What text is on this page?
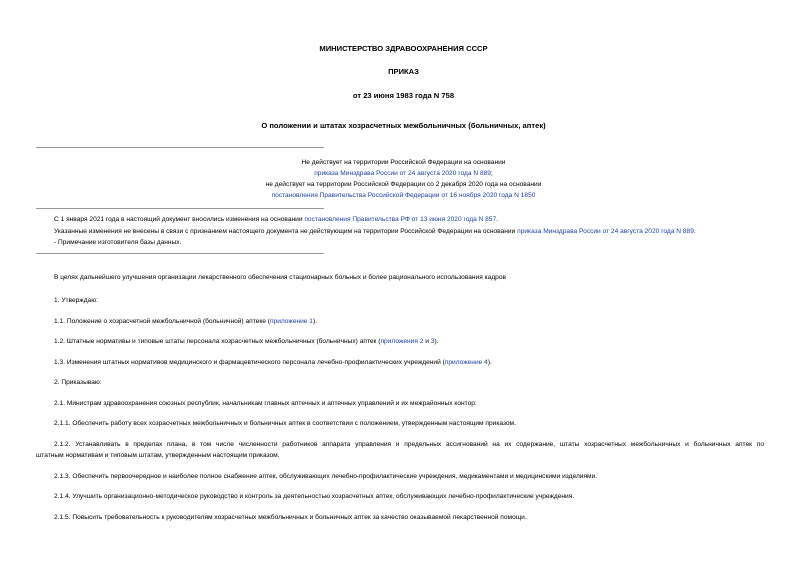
МИНИСТЕРСТВО ЗДРАВООХРАНЕНИЯ СССР
ПРИКАЗ
от 23 июня 1983 года N 758
О положении и штатах хозрасчетных межбольничных (больничных, аптек)
Не действует на территории Российской Федерации на основании
приказа Минздрава России от 24 августа 2020 года N 889;
не действует на территории Российской Федерации со 2 декабря 2020 года на основании
постановления Правительства Российской Федерации от 16 ноября 2020 года N 1850
С 1 января 2021 года в настоящий документ вносились изменения на основании постановления Правительства РФ от 13 июня 2020 года N 857.
Указанные изменения не внесены в связи с признанием настоящего документа не действующим на территории Российской Федерации на основании приказа Минздрава России от 24 августа 2020 года N 889.
- Примечание изготовителя базы данных.
В целях дальнейшего улучшения организации лекарственного обеспечения стационарных больных и более рационального использования кадров
1. Утверждаю:
1.1. Положение о хозрасчетной межбольничной (больничной) аптеке (приложение 1).
1.2. Штатные нормативы и типовые штаты персонала хозрасчетных межбольничных (больничных) аптек (приложения 2 и 3).
1.3. Изменения штатных нормативов медицинского и фармацевтического персонала лечебно-профилактических учреждений (приложение 4).
2. Приказываю:
2.1. Министрам здравоохранения союзных республик, начальникам главных аптечных и аптечных управлений и их межрайонных контор:
2.1.1. Обеспечить работу всех хозрасчетных межбольничных и больничных аптек в соответствии с положением, утвержденным настоящим приказом.
2.1.2. Устанавливать в пределах плана, в том числе численности работников аппарата управления и предельных ассигнований на их содержание, штаты хозрасчетных межбольничных и больничных аптек по
штатным нормативам и типовым штатам, утвержденным настоящим приказом.
2.1.3. Обеспечить первоочередное и наиболее полное снабжение аптек, обслуживающих лечебно-профилактические учреждения, медикаментами и медицинскими изделиями.
2.1.4. Улучшить организационно-методическое руководство и контроль за деятельностью хозрасчетных аптек, обслуживающих лечебно-профилактические учреждения.
2.1.5. Повысить требовательность к руководителям хозрасчетных межбольничных и больничных аптек за качество оказываемой лекарственной помощи.
